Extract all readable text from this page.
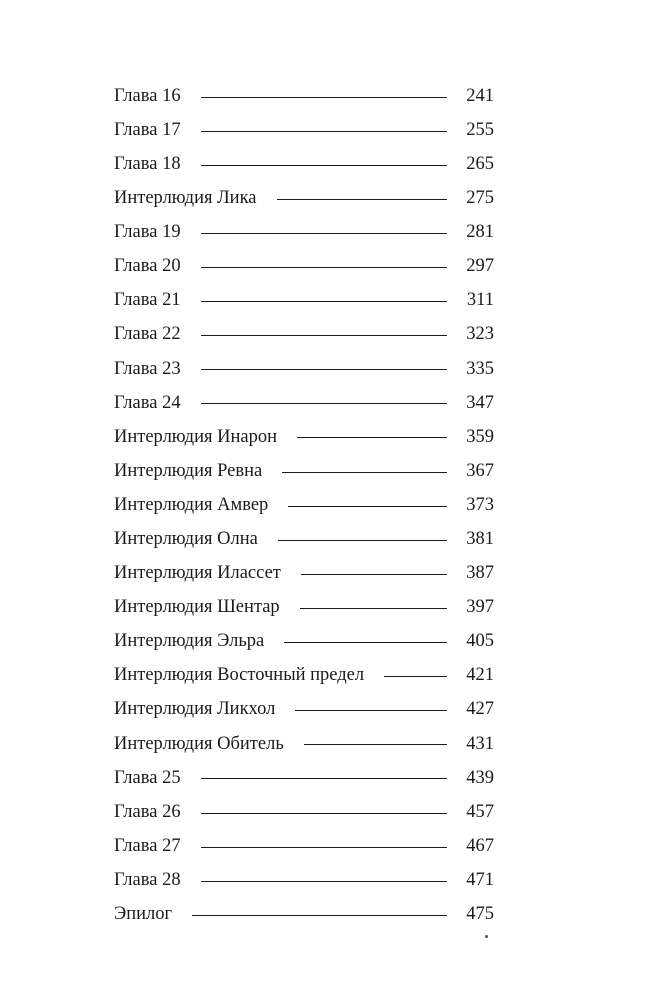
Глава 16	241
Глава 17	255
Глава 18	265
Интерлюдия Лика	275
Глава 19	281
Глава 20	297
Глава 21	311
Глава 22	323
Глава 23	335
Глава 24	347
Интерлюдия Инарон	359
Интерлюдия Ревна	367
Интерлюдия Амвер	373
Интерлюдия Олна	381
Интерлюдия Илассет	387
Интерлюдия Шентар	397
Интерлюдия Эльра	405
Интерлюдия Восточный предел	421
Интерлюдия Ликхол	427
Интерлюдия Обитель	431
Глава 25	439
Глава 26	457
Глава 27	467
Глава 28	471
Эпилог	475
